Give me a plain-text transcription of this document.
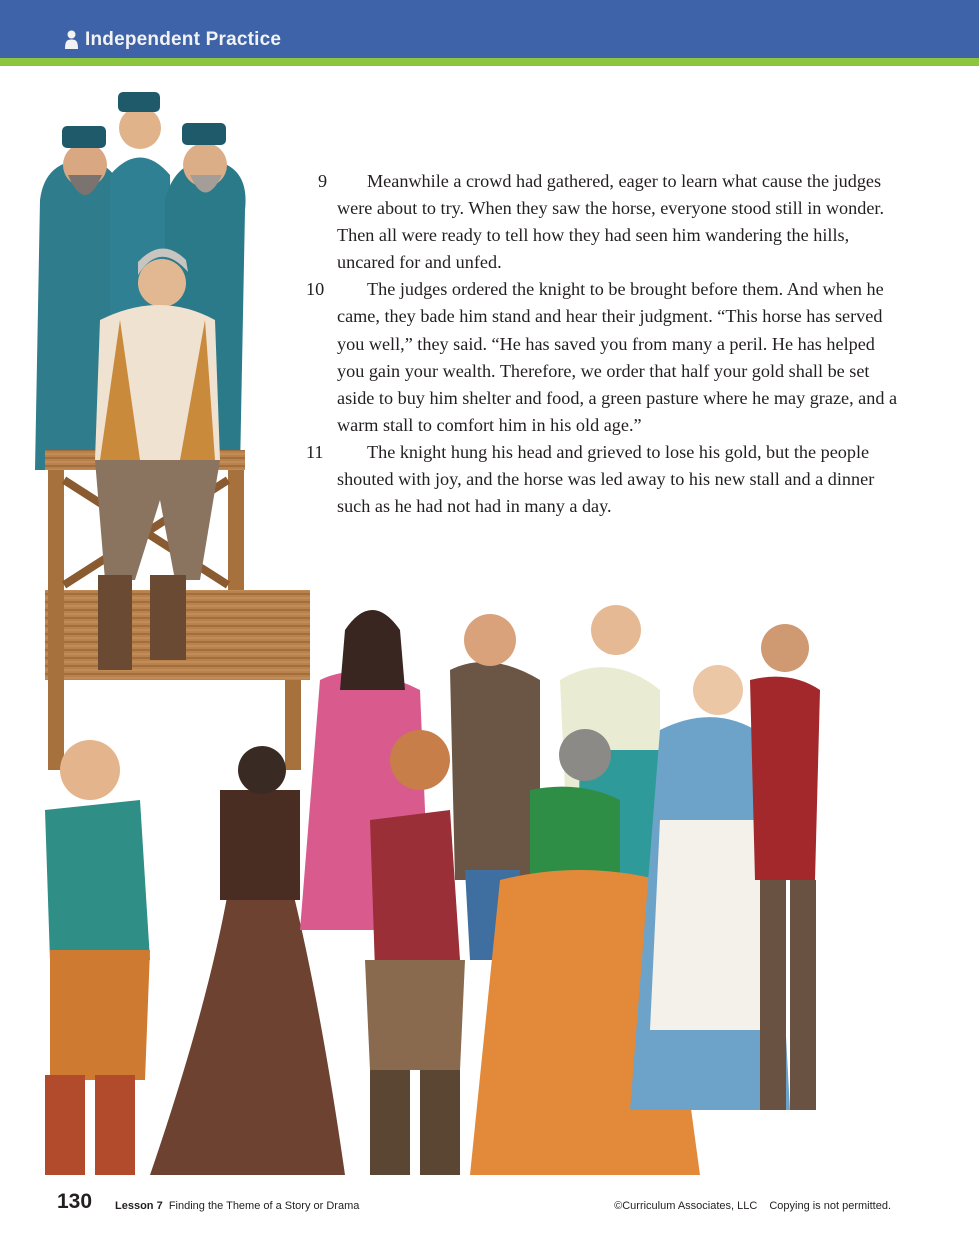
Independent Practice
9	Meanwhile a crowd had gathered, eager to learn what cause the judges were about to try. When they saw the horse, everyone stood still in wonder. Then all were ready to tell how they had seen him wandering the hills, uncared for and unfed.
10	The judges ordered the knight to be brought before them. And when he came, they bade him stand and hear their judgment. “This horse has served you well,” they said. “He has saved you from many a peril. He has helped you gain your wealth. Therefore, we order that half your gold shall be set aside to buy him shelter and food, a green pasture where he may graze, and a warm stall to comfort him in his old age.”
11	The knight hung his head and grieved to lose his gold, but the people shouted with joy, and the horse was led away to his new stall and a dinner such as he had not had in many a day.
130 Lesson 7 Finding the Theme of a Story or Drama	©Curriculum Associates, LLC Copying is not permitted.
